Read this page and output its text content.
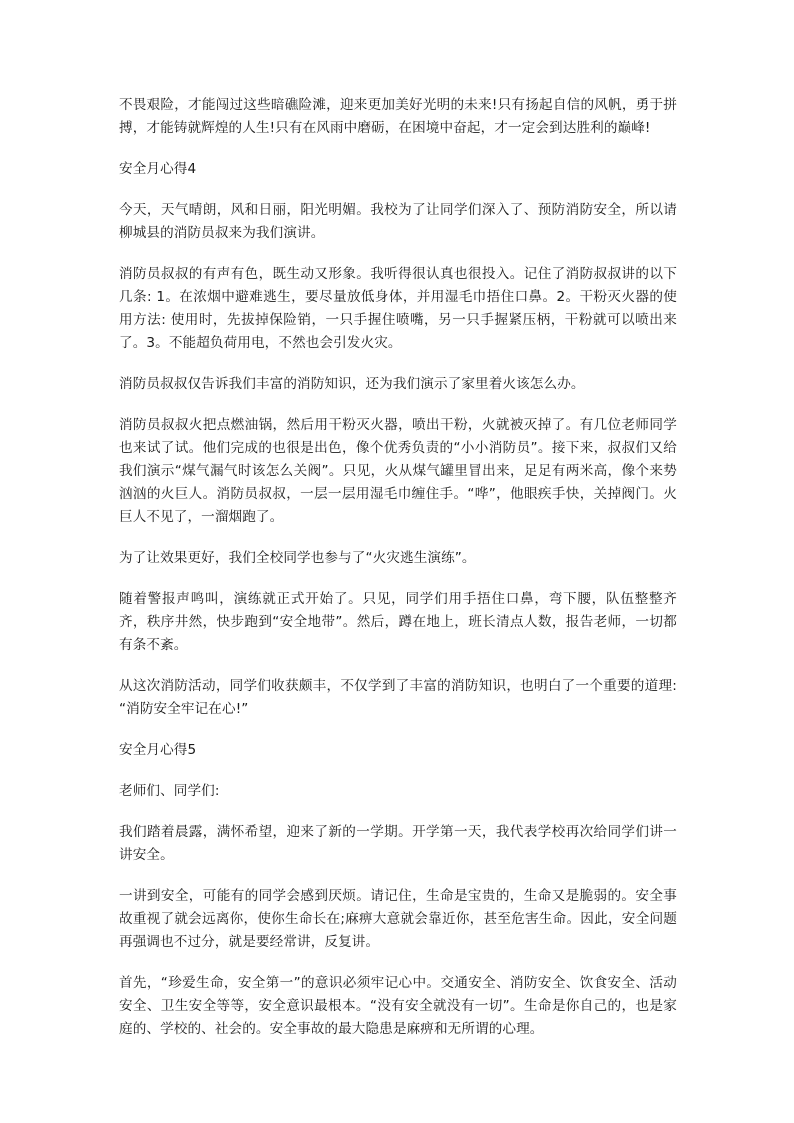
不畏艰险，才能闯过这些暗礁险滩，迎来更加美好光明的未来!只有扬起自信的风帆，勇于拼搏，才能铸就辉煌的人生!只有在风雨中磨砺，在困境中奋起，才一定会到达胜利的巅峰!

安全月心得4

今天，天气晴朗，风和日丽，阳光明媚。我校为了让同学们深入了、预防消防安全，所以请柳城县的消防员叔来为我们演讲。

消防员叔叔的有声有色，既生动又形象。我听得很认真也很投入。记住了消防叔叔讲的以下几条: 1。在浓烟中避难逃生，要尽量放低身体，并用湿毛巾捂住口鼻。2。干粉灭火器的使用方法: 使用时，先拔掉保险销，一只手握住喷嘴，另一只手握紧压柄，干粉就可以喷出来了。3。不能超负荷用电，不然也会引发火灾。

消防员叔叔仅告诉我们丰富的消防知识，还为我们演示了家里着火该怎么办。

消防员叔叔火把点燃油锅，然后用干粉灭火器，喷出干粉，火就被灭掉了。有几位老师同学也来试了试。他们完成的也很是出色，像个优秀负责的“小小消防员”。接下来，叔叔们又给我们演示“煤气漏气时该怎么关阀”。只见，火从煤气罐里冒出来，足足有两米高，像个来势汹汹的火巨人。消防员叔叔，一层一层用湿毛巾缠住手。“哗”，他眼疾手快，关掉阀门。火巨人不见了，一溜烟跑了。

为了让效果更好，我们全校同学也参与了“火灾逃生演练”。

随着警报声鸣叫，演练就正式开始了。只见，同学们用手捂住口鼻，弯下腰，队伍整整齐齐，秩序井然，快步跑到“安全地带”。然后，蹲在地上，班长清点人数，报告老师，一切都有条不紊。

从这次消防活动，同学们收获颇丰，不仅学到了丰富的消防知识，也明白了一个重要的道理: “消防安全牢记在心!”

安全月心得5

老师们、同学们:

我们踏着晨露，满怀希望，迎来了新的一学期。开学第一天，我代表学校再次给同学们讲一讲安全。

一讲到安全，可能有的同学会感到厌烦。请记住，生命是宝贵的，生命又是脆弱的。安全事故重视了就会远离你，使你生命长在;麻痹大意就会靠近你，甚至危害生命。因此，安全问题再强调也不过分，就是要经常讲，反复讲。

首先，“珍爱生命，安全第一”的意识必须牢记心中。交通安全、消防安全、饮食安全、活动安全、卫生安全等等，安全意识最根本。“没有安全就没有一切”。生命是你自己的，也是家庭的、学校的、社会的。安全事故的最大隐患是麻痹和无所谓的心理。
